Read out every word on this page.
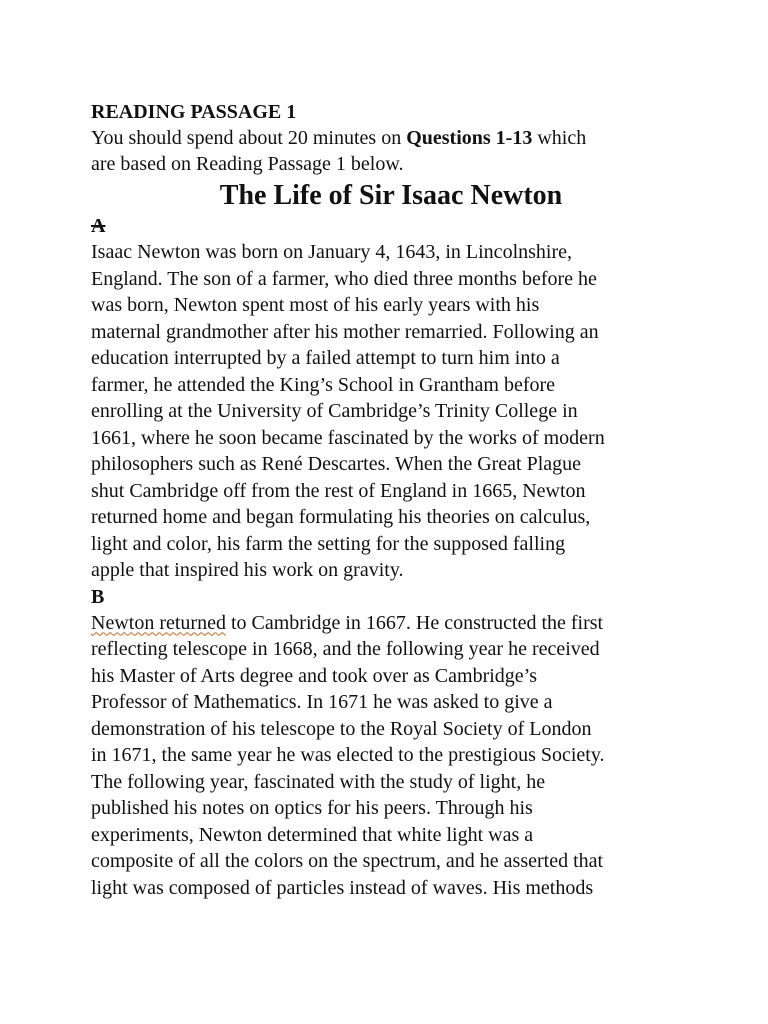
READING PASSAGE 1

You should spend about 20 minutes on Questions 1-13 which
are based on Reading Passage 1 below.

The Life of Sir Isaac Newton

A

Isaac Newton was born on January 4, 1643, in Lincolnshire,
England. The son of a farmer, who died three months before he
was born, Newton spent most of his early years with his
maternal grandmother after his mother remarried. Following an
education interrupted by a failed attempt to turn him into a
farmer, he attended the King’s School in Grantham before
enrolling at the University of Cambridge’s Trinity College in
1661, where he soon became fascinated by the works of modern
philosophers such as René Descartes. When the Great Plague
shut Cambridge off from the rest of England in 1665, Newton
returned home and began formulating his theories on calculus,
light and color, his farm the setting for the supposed falling
apple that inspired his work on gravity.

B

Newton returned to Cambridge in 1667. He constructed the first
reflecting telescope in 1668, and the following year he received
his Master of Arts degree and took over as Cambridge’s
Professor of Mathematics. In 1671 he was asked to give a
demonstration of his telescope to the Royal Society of London
in 1671, the same year he was elected to the prestigious Society.
The following year, fascinated with the study of light, he
published his notes on optics for his peers. Through his
experiments, Newton determined that white light was a
composite of all the colors on the spectrum, and he asserted that
light was composed of particles instead of waves. His methods
